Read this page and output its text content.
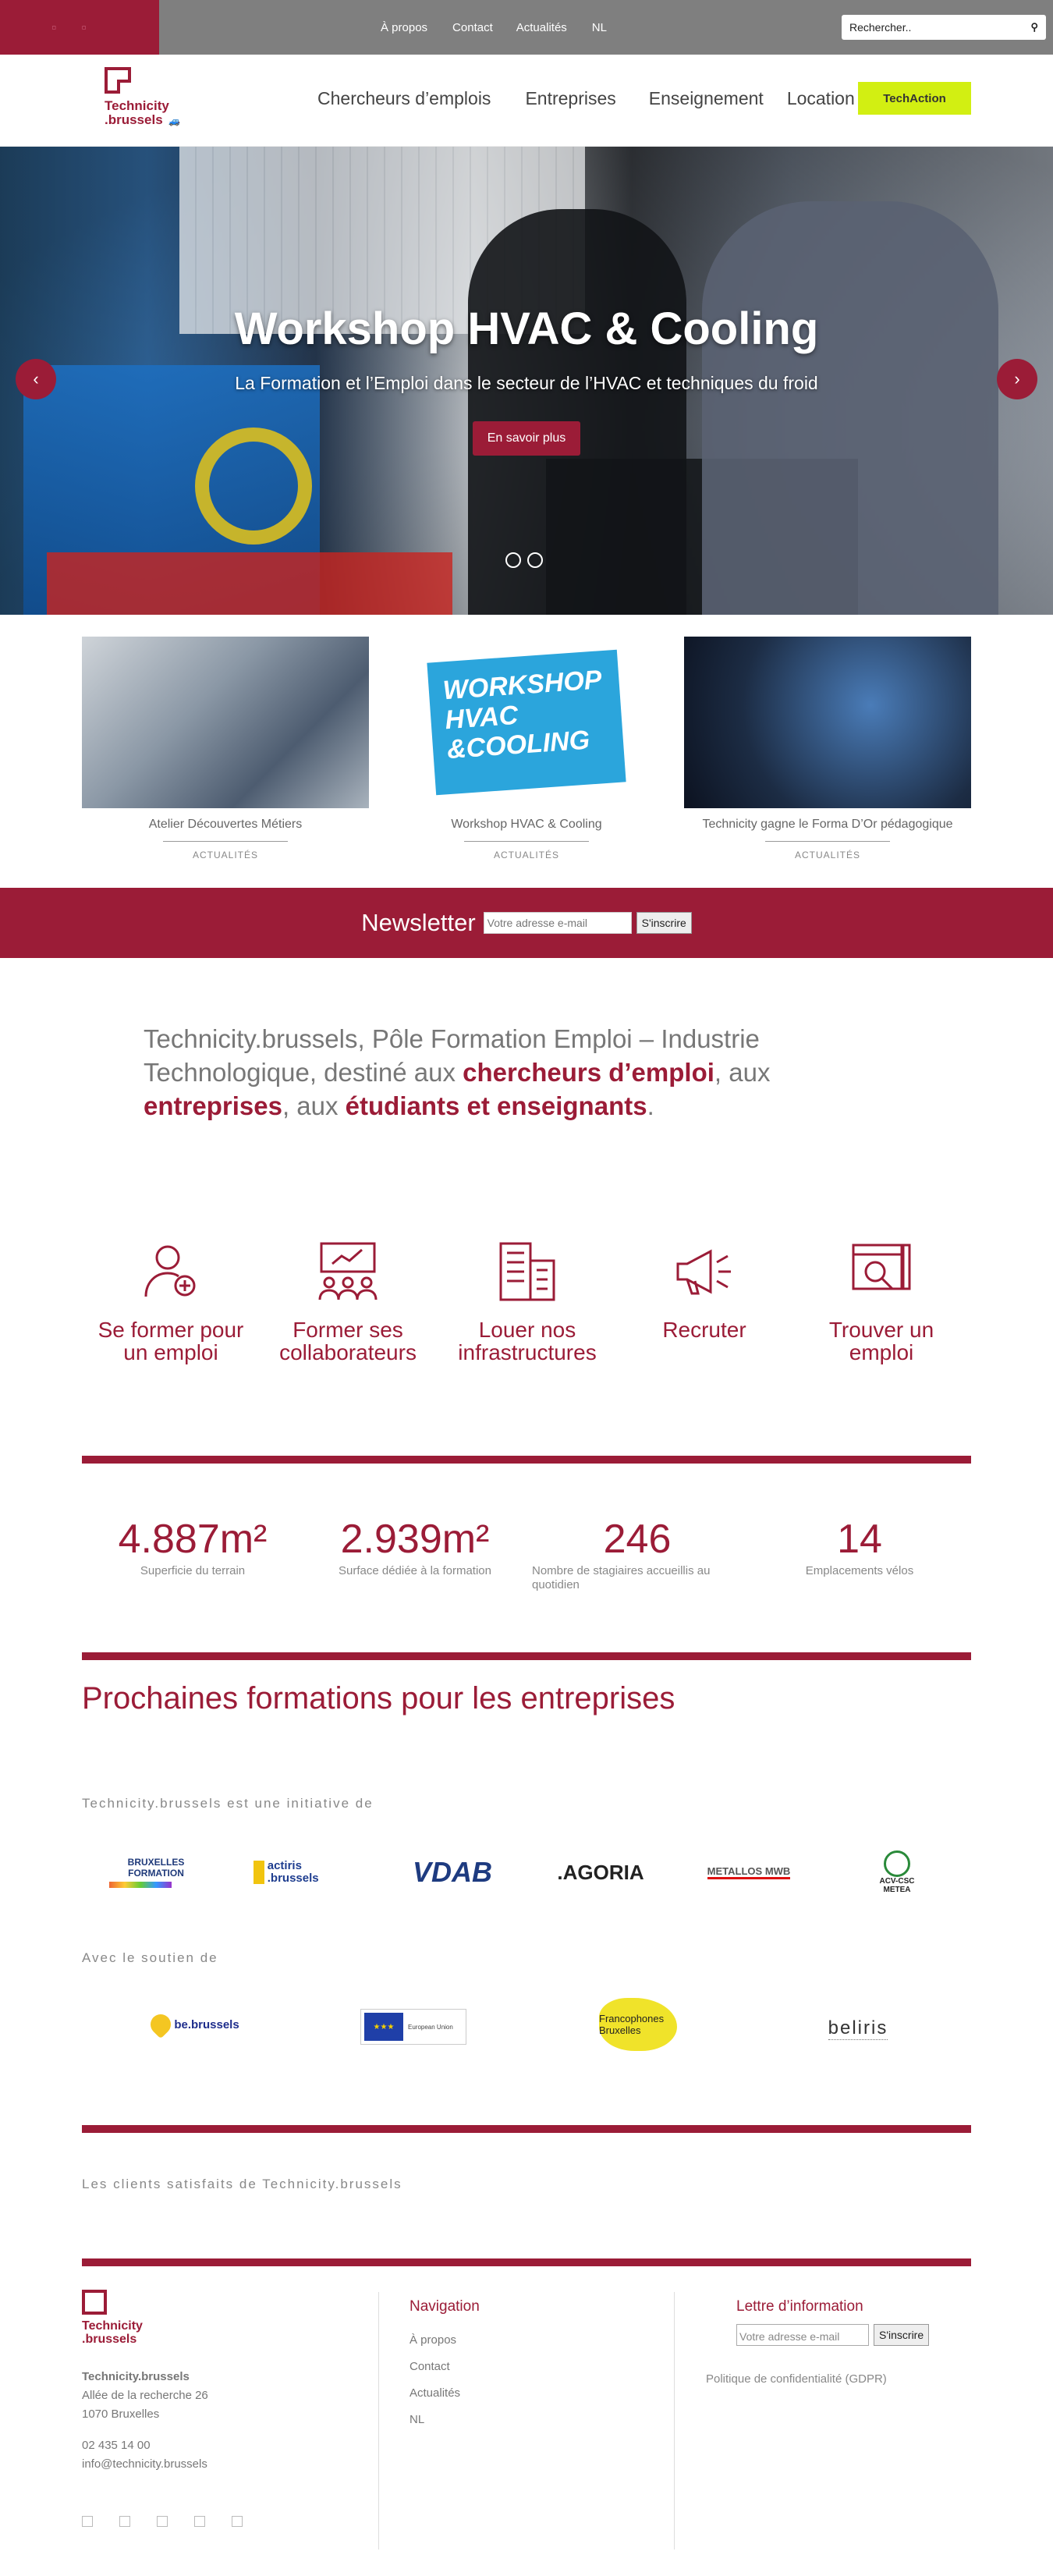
▫ ▫	À propos Contact Actualités NL	Rechercher..	⚲
Technicity
.brussels 🚙
Chercheurs d’emplois Entreprises Enseignement Location	TechAction
Workshop HVAC & Cooling
La Formation et l’Emploi dans le secteur de l’HVAC et techniques du froid
En savoir plus
‹	›
Atelier Découvertes Métiers
ACTUALITÉS
WORKSHOP HVAC &COOLING
Workshop HVAC & Cooling
ACTUALITÉS
Technicity gagne le Forma D’Or pédagogique
ACTUALITÉS
Newsletter	Votre adresse e-mail	S'inscrire
Technicity.brussels, Pôle Formation Emploi – Industrie Technologique, destiné aux chercheurs d’emploi, aux entreprises, aux étudiants et enseignants.
Se former pour un emploi
Former ses collaborateurs
Louer nos infrastructures
Recruter	Trouver un emploi
4.887m²
Superficie du terrain
2.939m²
Surface dédiée à la formation
246
Nombre de stagiaires accueillis au quotidien
14
Emplacements vélos
Prochaines formations pour les entreprises
Technicity.brussels est une initiative de
BRUXELLES FORMATION
actiris .brussels	VDAB	.AGORIA	METALLOS MWB
ACV-CSC METEA
Avec le soutien de
be.brussels	★★★	European Union
Francophones Bruxelles	beliris
Les clients satisfaits de Technicity.brussels
Technicity
.brussels
Technicity.brussels
Allée de la recherche 26
1070 Bruxelles
02 435 14 00
info@technicity.brussels
Navigation
À propos
Contact
Actualités
NL
Lettre d’information
Votre adresse e-mail	S'inscrire
Politique de confidentialité (GDPR)
